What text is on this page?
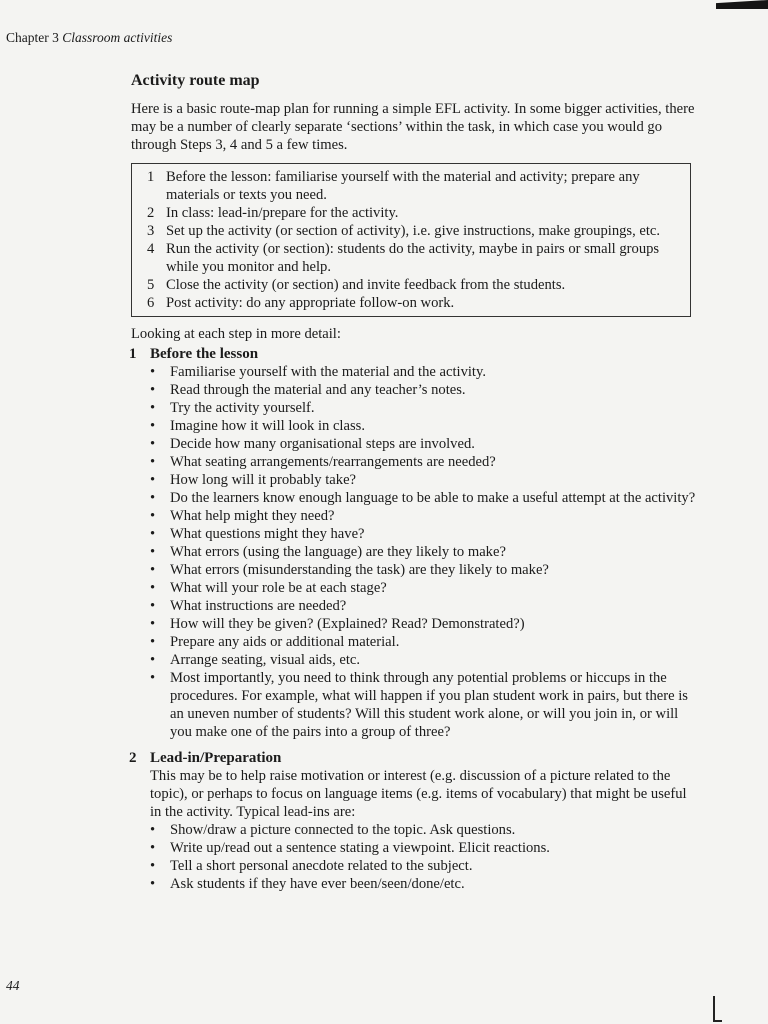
Chapter 3 Classroom activities
Activity route map

Here is a basic route-map plan for running a simple EFL activity. In some bigger activities, there may be a number of clearly separate ‘sections’ within the task, in which case you would go through Steps 3, 4 and 5 a few times.

1 Before the lesson: familiarise yourself with the material and activity; prepare any materials or texts you need.
2 In class: lead-in/prepare for the activity.
3 Set up the activity (or section of activity), i.e. give instructions, make groupings, etc.
4 Run the activity (or section): students do the activity, maybe in pairs or small groups while you monitor and help.
5 Close the activity (or section) and invite feedback from the students.
6 Post activity: do any appropriate follow-on work.

Looking at each step in more detail:

1 Before the lesson
• Familiarise yourself with the material and the activity.
• Read through the material and any teacher’s notes.
• Try the activity yourself.
• Imagine how it will look in class.
• Decide how many organisational steps are involved.
• What seating arrangements/rearrangements are needed?
• How long will it probably take?
• Do the learners know enough language to be able to make a useful attempt at the activity?
• What help might they need?
• What questions might they have?
• What errors (using the language) are they likely to make?
• What errors (misunderstanding the task) are they likely to make?
• What will your role be at each stage?
• What instructions are needed?
• How will they be given? (Explained? Read? Demonstrated?)
• Prepare any aids or additional material.
• Arrange seating, visual aids, etc.
• Most importantly, you need to think through any potential problems or hiccups in the procedures. For example, what will happen if you plan student work in pairs, but there is an uneven number of students? Will this student work alone, or will you join in, or will you make one of the pairs into a group of three?
2 Lead-in/Preparation

This may be to help raise motivation or interest (e.g. discussion of a picture related to the topic), or perhaps to focus on language items (e.g. items of vocabulary) that might be useful in the activity. Typical lead-ins are:

• Show/draw a picture connected to the topic. Ask questions.
• Write up/read out a sentence stating a viewpoint. Elicit reactions.
• Tell a short personal anecdote related to the subject.
• Ask students if they have ever been/seen/done/etc.
44
